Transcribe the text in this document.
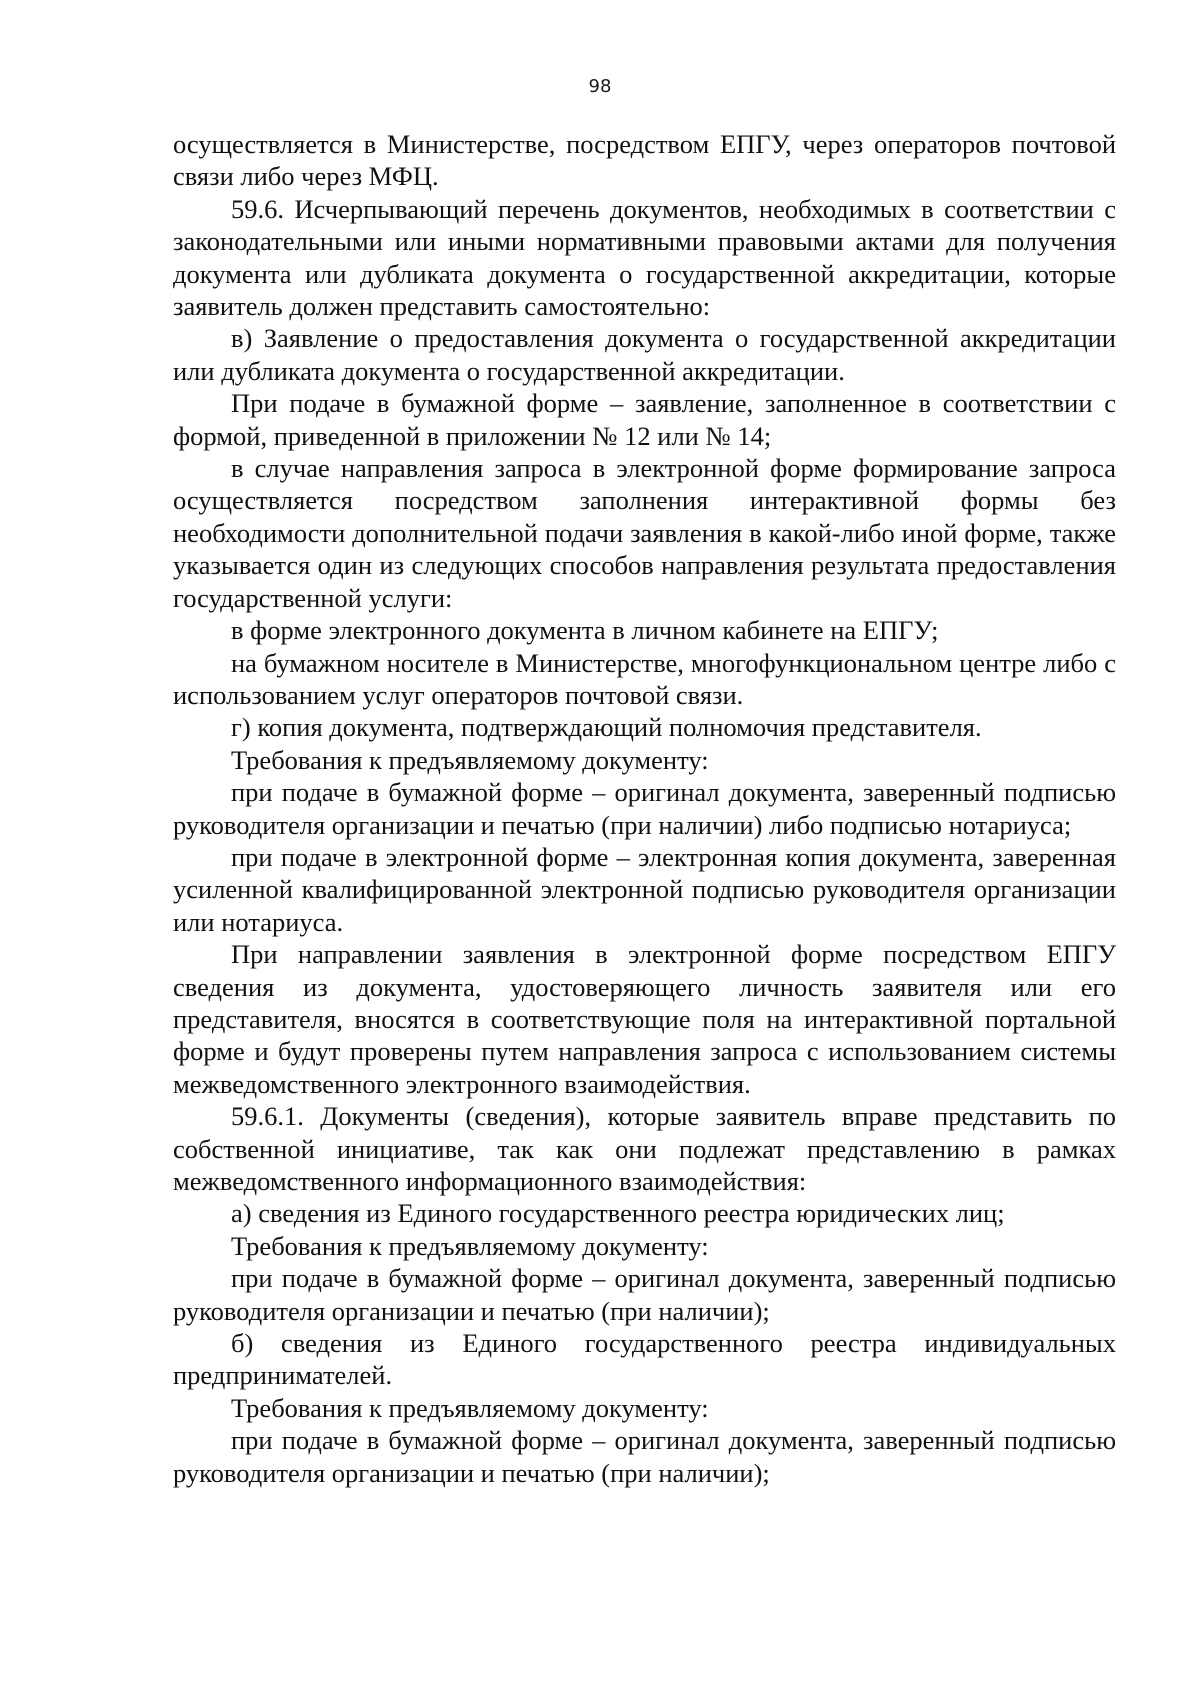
98

осуществляется в Министерстве, посредством ЕПГУ, через операторов почтовой связи либо через МФЦ.

59.6. Исчерпывающий перечень документов, необходимых в соответствии с законодательными или иными нормативными правовыми актами для получения документа или дубликата документа о государственной аккредитации, которые заявитель должен представить самостоятельно:

в) Заявление о предоставления документа о государственной аккредитации или дубликата документа о государственной аккредитации.

При подаче в бумажной форме – заявление, заполненное в соответствии с формой, приведенной в приложении № 12 или № 14;

в случае направления запроса в электронной форме формирование запроса осуществляется посредством заполнения интерактивной формы без необходимости дополнительной подачи заявления в какой-либо иной форме, также указывается один из следующих способов направления результата предоставления государственной услуги:

в форме электронного документа в личном кабинете на ЕПГУ;

на бумажном носителе в Министерстве, многофункциональном центре либо с использованием услуг операторов почтовой связи.

г) копия документа, подтверждающий полномочия представителя.

Требования к предъявляемому документу:

при подаче в бумажной форме – оригинал документа, заверенный подписью руководителя организации и печатью (при наличии) либо подписью нотариуса;

при подаче в электронной форме – электронная копия документа, заверенная усиленной квалифицированной электронной подписью руководителя организации или нотариуса.

При направлении заявления в электронной форме посредством ЕПГУ сведения из документа, удостоверяющего личность заявителя или его представителя, вносятся в соответствующие поля на интерактивной портальной форме и будут проверены путем направления запроса с использованием системы межведомственного электронного взаимодействия.

59.6.1. Документы (сведения), которые заявитель вправе представить по собственной инициативе, так как они подлежат представлению в рамках межведомственного информационного взаимодействия:

а) сведения из Единого государственного реестра юридических лиц;

Требования к предъявляемому документу:

при подаче в бумажной форме – оригинал документа, заверенный подписью руководителя организации и печатью (при наличии);

б) сведения из Единого государственного реестра индивидуальных предпринимателей.

Требования к предъявляемому документу:

при подаче в бумажной форме – оригинал документа, заверенный подписью руководителя организации и печатью (при наличии);
